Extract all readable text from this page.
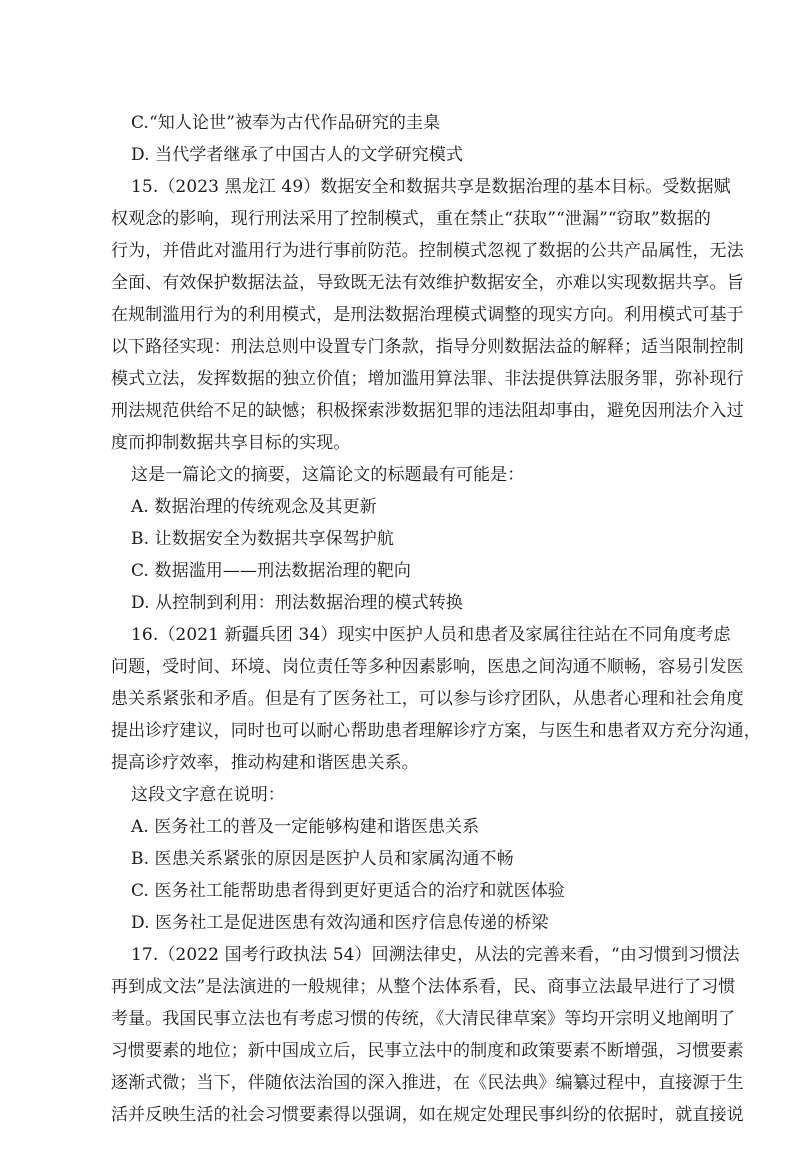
C.“知人论世”被奉为古代作品研究的圭臬

D. 当代学者继承了中国古人的文学研究模式

15.（2023 黑龙江 49）数据安全和数据共享是数据治理的基本目标。受数据赋

权观念的影响，现行刑法采用了控制模式，重在禁止“获取”“泄漏”“窃取”数据的

行为，并借此对滥用行为进行事前防范。控制模式忽视了数据的公共产品属性，无法

全面、有效保护数据法益，导致既无法有效维护数据安全，亦难以实现数据共享。旨

在规制滥用行为的利用模式，是刑法数据治理模式调整的现实方向。利用模式可基于

以下路径实现：刑法总则中设置专门条款，指导分则数据法益的解释；适当限制控制

模式立法，发挥数据的独立价值；增加滥用算法罪、非法提供算法服务罪，弥补现行

刑法规范供给不足的缺憾；积极探索涉数据犯罪的违法阻却事由，避免因刑法介入过

度而抑制数据共享目标的实现。

这是一篇论文的摘要，这篇论文的标题最有可能是：

A. 数据治理的传统观念及其更新

B. 让数据安全为数据共享保驾护航

C. 数据滥用——刑法数据治理的靶向

D. 从控制到利用：刑法数据治理的模式转换

16.（2021 新疆兵团 34）现实中医护人员和患者及家属往往站在不同角度考虑

问题，受时间、环境、岗位责任等多种因素影响，医患之间沟通不顺畅，容易引发医

患关系紧张和矛盾。但是有了医务社工，可以参与诊疗团队，从患者心理和社会角度

提出诊疗建议，同时也可以耐心帮助患者理解诊疗方案，与医生和患者双方充分沟通，

提高诊疗效率，推动构建和谐医患关系。

这段文字意在说明：

A. 医务社工的普及一定能够构建和谐医患关系

B. 医患关系紧张的原因是医护人员和家属沟通不畅

C. 医务社工能帮助患者得到更好更适合的治疗和就医体验

D. 医务社工是促进医患有效沟通和医疗信息传递的桥梁

17.（2022 国考行政执法 54）回溯法律史，从法的完善来看，“由习惯到习惯法

再到成文法”是法演进的一般规律；从整个法体系看，民、商事立法最早进行了习惯

考量。我国民事立法也有考虑习惯的传统，《大清民律草案》等均开宗明义地阐明了

习惯要素的地位；新中国成立后，民事立法中的制度和政策要素不断增强，习惯要素

逐渐式微；当下，伴随依法治国的深入推进，在《民法典》编纂过程中，直接源于生

活并反映生活的社会习惯要素得以强调，如在规定处理民事纠纷的依据时，就直接说
